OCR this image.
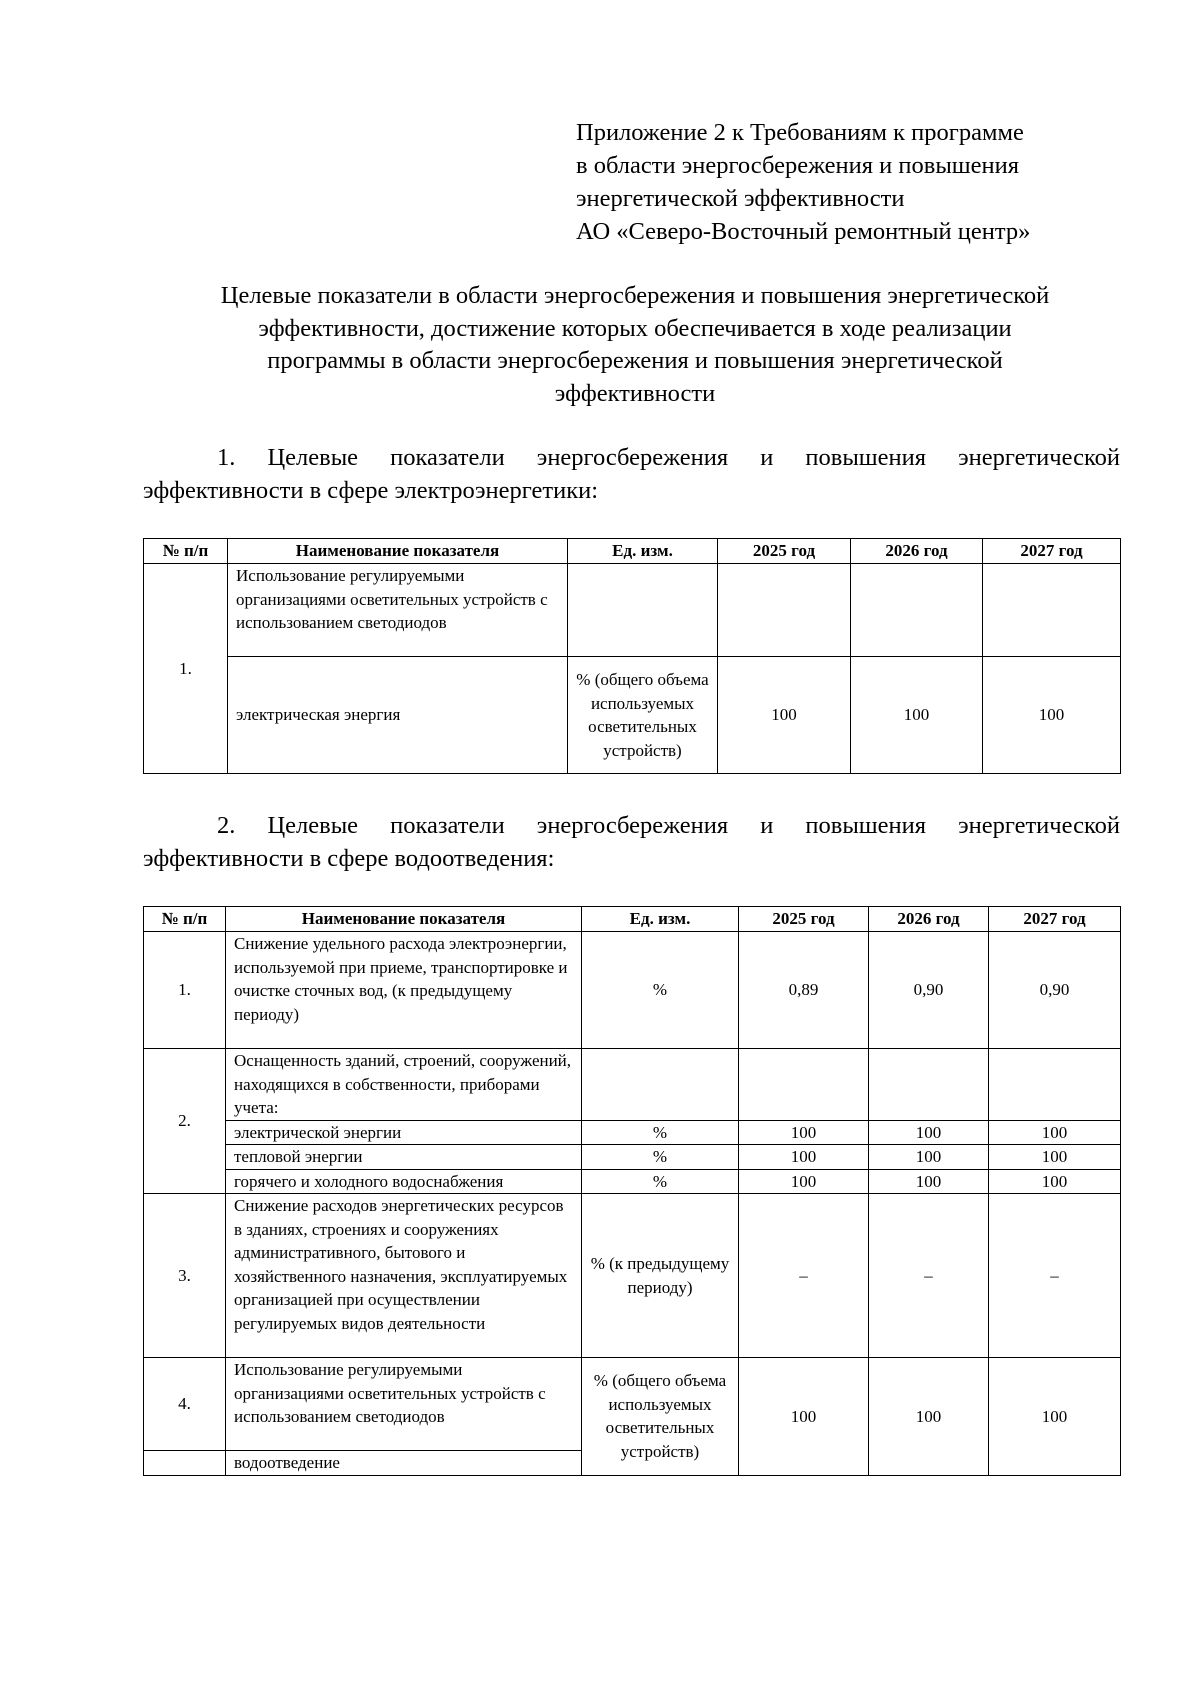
Приложение 2 к Требованиям к программе
в области энергосбережения и повышения
энергетической эффективности
АО «Северо-Восточный ремонтный центр»
Целевые показатели в области энергосбережения и повышения энергетической
эффективности, достижение которых обеспечивается в ходе реализации
программы в области энергосбережения и повышения энергетической
эффективности
1. Целевые показатели энергосбережения и повышения энергетической
эффективности в сфере электроэнергетики:
№ п/п	Наименование показателя	Ед. изм.	2025 год	2026 год	2027 год
1.	Использование регулируемыми организациями осветительных устройств с использованием светодиодов				
	электрическая энергия	% (общего объема используемых осветительных устройств)	100	100	100
2. Целевые показатели энергосбережения и повышения энергетической
эффективности в сфере водоотведения:
№ п/п	Наименование показателя	Ед. изм.	2025 год	2026 год	2027 год
1.	Снижение удельного расхода электроэнергии, используемой при приеме, транспортировке и очистке сточных вод, (к предыдущему периоду)	%	0,89	0,90	0,90
2.	Оснащенность зданий, строений, сооружений, находящихся в собственности, приборами учета:				
	электрической энергии	%	100	100	100
	тепловой энергии	%	100	100	100
	горячего и холодного водоснабжения	%	100	100	100
3.	Снижение расходов энергетических ресурсов в зданиях, строениях и сооружениях административного, бытового и хозяйственного назначения, эксплуатируемых организацией при осуществлении регулируемых видов деятельности	% (к предыдущему периоду)	–	–	–
4.	Использование регулируемыми организациями осветительных устройств с использованием светодиодов	% (общего объема используемых осветительных устройств)	100	100	100
	водоотведение				
